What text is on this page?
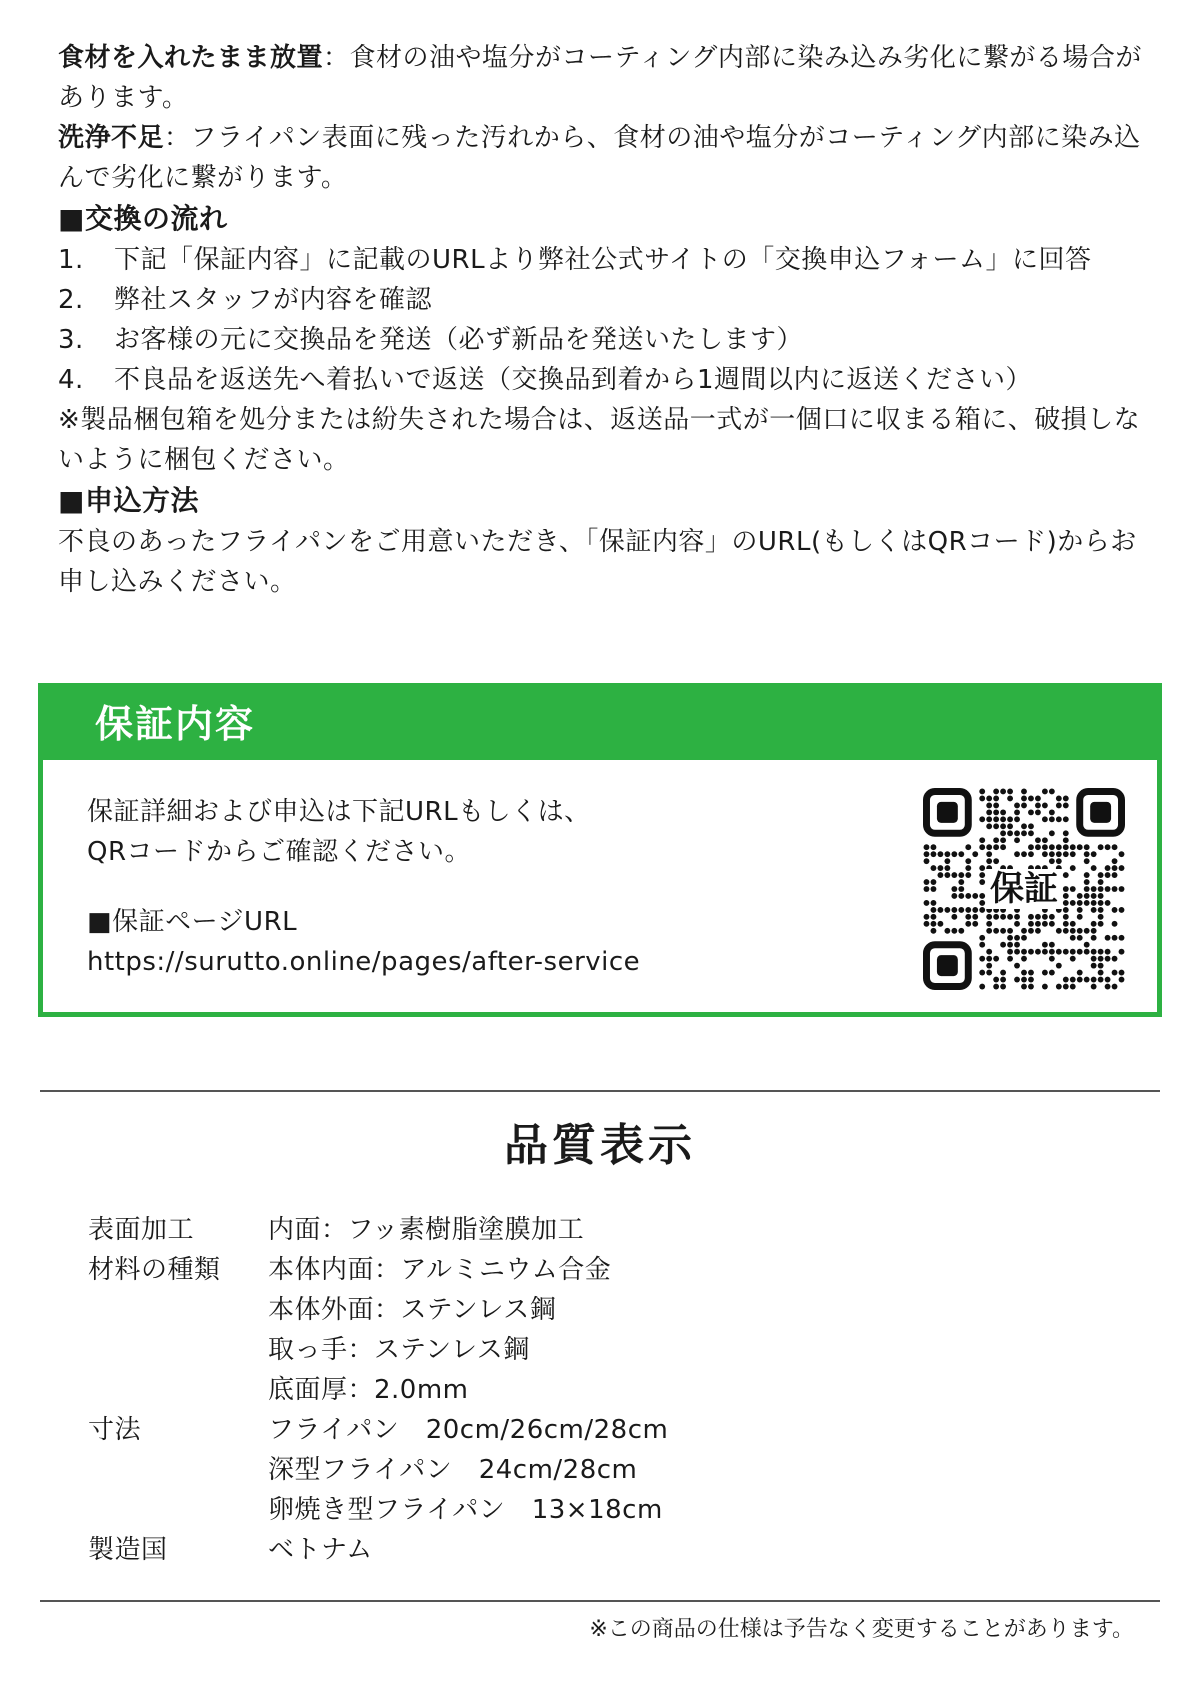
食材を入れたまま放置：食材の油や塩分がコーティング内部に染み込み劣化に繋がる場合があります。

洗浄不足：フライパン表面に残った汚れから、食材の油や塩分がコーティング内部に染み込んで劣化に繋がります。

■交換の流れ
1.	下記「保証内容」に記載のURLより弊社公式サイトの「交換申込フォーム」に回答
2.	弊社スタッフが内容を確認
3.	お客様の元に交換品を発送（必ず新品を発送いたします）
4.	不良品を返送先へ着払いで返送（交換品到着から1週間以内に返送ください）

※製品梱包箱を処分または紛失された場合は、返送品一式が一個口に収まる箱に、破損しないように梱包ください。

■申込方法

不良のあったフライパンをご用意いただき、「保証内容」のURL(もしくはQRコード)からお申し込みください。

保証内容

保証詳細および申込は下記URLもしくは、

QRコードからご確認ください。

■保証ページURL

https://surutto.online/pages/after-service

保証
品質表示
表面加工	内面：フッ素樹脂塗膜加工
材料の種類	本体内面：アルミニウム合金
本体外面：ステンレス鋼
取っ手：ステンレス鋼
底面厚：2.0mm
寸法	フライパン　20cm/26cm/28cm
深型フライパン　24cm/28cm
卵焼き型フライパン　13×18cm
製造国	ベトナム
※この商品の仕様は予告なく変更することがあります。
